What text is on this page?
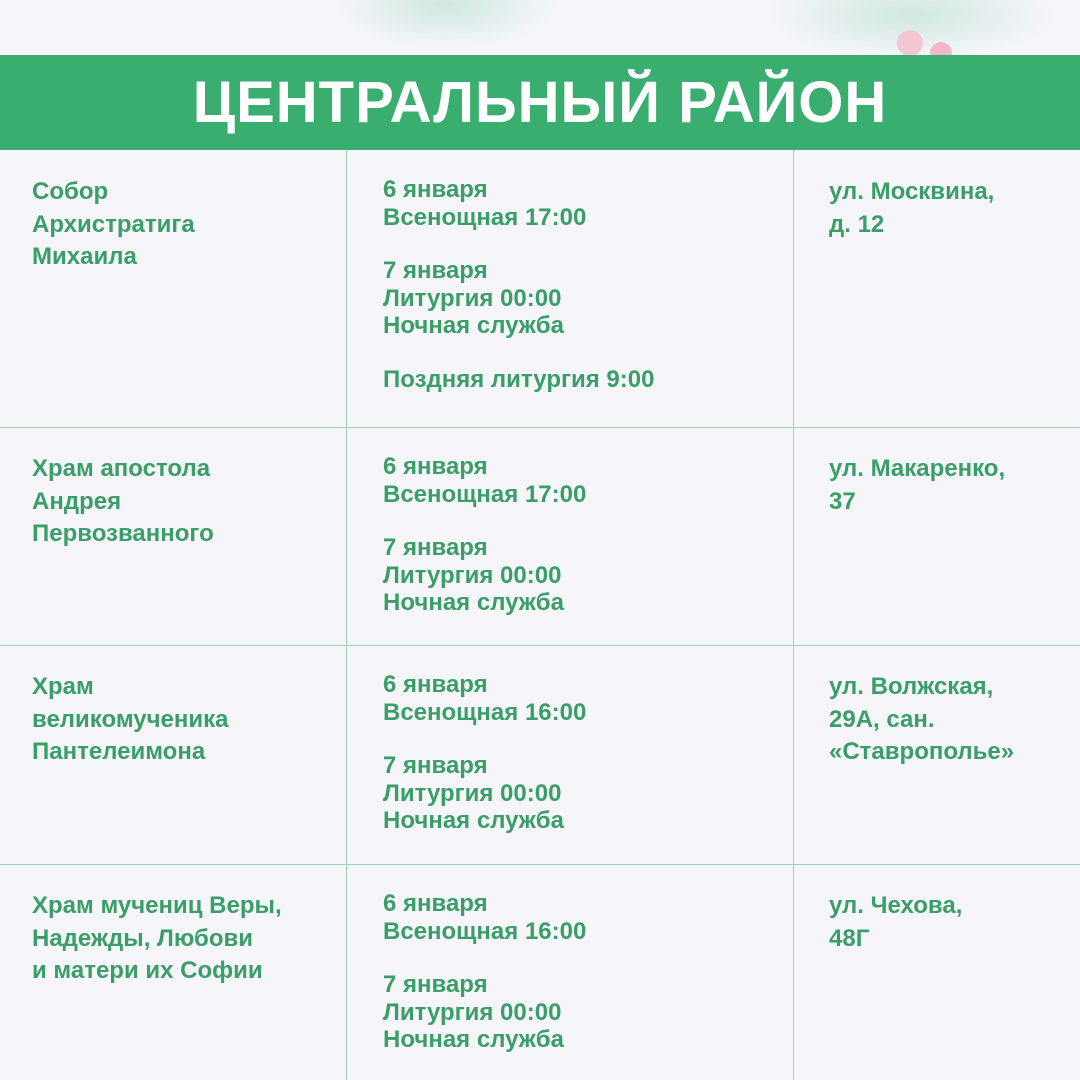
ЦЕНТРАЛЬНЫЙ РАЙОН
Собор
Архистратига
Михаила
6 января
Всенощная 17:00
7 января
Литургия 00:00
Ночная служба
Поздняя литургия 9:00
ул. Москвина,
д. 12
Храм апостола
Андрея
Первозванного
6 января
Всенощная 17:00
7 января
Литургия 00:00
Ночная служба
ул. Макаренко,
37
Храм
великомученика
Пантелеимона
6 января
Всенощная 16:00
7 января
Литургия 00:00
Ночная служба
ул. Волжская,
29А, сан.
«Ставрополье»
Храм мучениц Веры,
Надежды, Любови
и матери их Софии
6 января
Всенощная 16:00
7 января
Литургия 00:00
Ночная служба
ул. Чехова,
48Г
